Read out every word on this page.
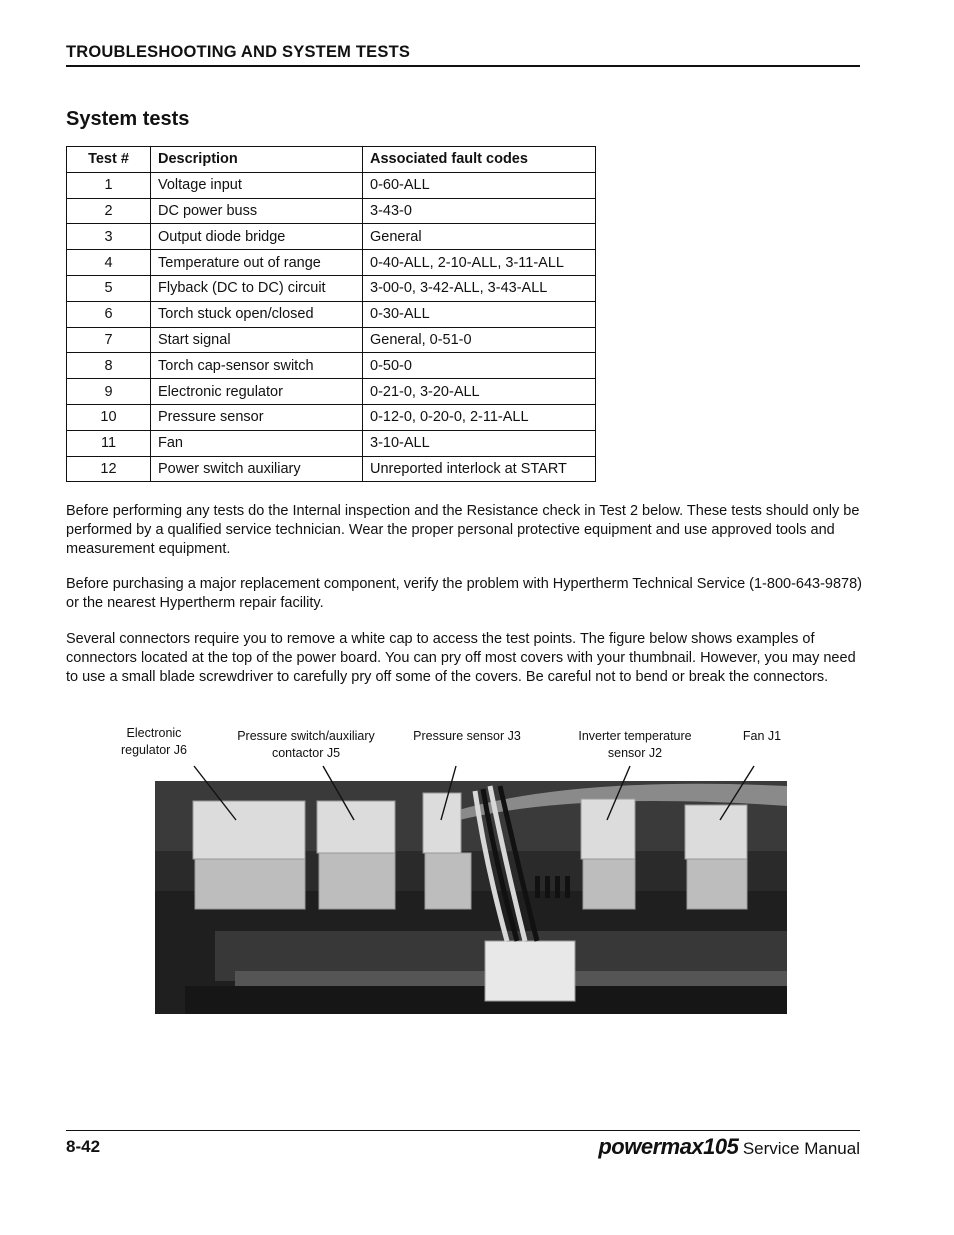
TROUBLESHOOTING AND SYSTEM TESTS
System tests
Test #	Description	Associated fault codes
1	Voltage input	0-60-ALL
2	DC power buss	3-43-0
3	Output diode bridge	General
4	Temperature out of range	0-40-ALL, 2-10-ALL, 3-11-ALL
5	Flyback (DC to DC) circuit	3-00-0, 3-42-ALL, 3-43-ALL
6	Torch stuck open/closed	0-30-ALL
7	Start signal	General, 0-51-0
8	Torch cap-sensor switch	0-50-0
9	Electronic regulator	0-21-0, 3-20-ALL
10	Pressure sensor	0-12-0, 0-20-0, 2-11-ALL
11	Fan	3-10-ALL
12	Power switch auxiliary	Unreported interlock at START

Before performing any tests do the Internal inspection and the Resistance check in Test 2 below. These tests should only be performed by a qualified service technician. Wear the proper personal protective equipment and use approved tools and measurement equipment.

Before purchasing a major replacement component, verify the problem with Hypertherm Technical Service (1-800-643-9878) or the nearest Hypertherm repair facility.

Several connectors require you to remove a white cap to access the test points. The figure below shows examples of connectors located at the top of the power board. You can pry off most covers with your thumbnail. However, you may need to use a small blade screwdriver to carefully pry off some of the covers. Be careful not to bend or break the connectors.

Electronic regulator J6
Pressure switch/auxiliary contactor J5
Pressure sensor J3	Inverter temperature sensor J2
Fan J1
8-42	powermax105 Service Manual
